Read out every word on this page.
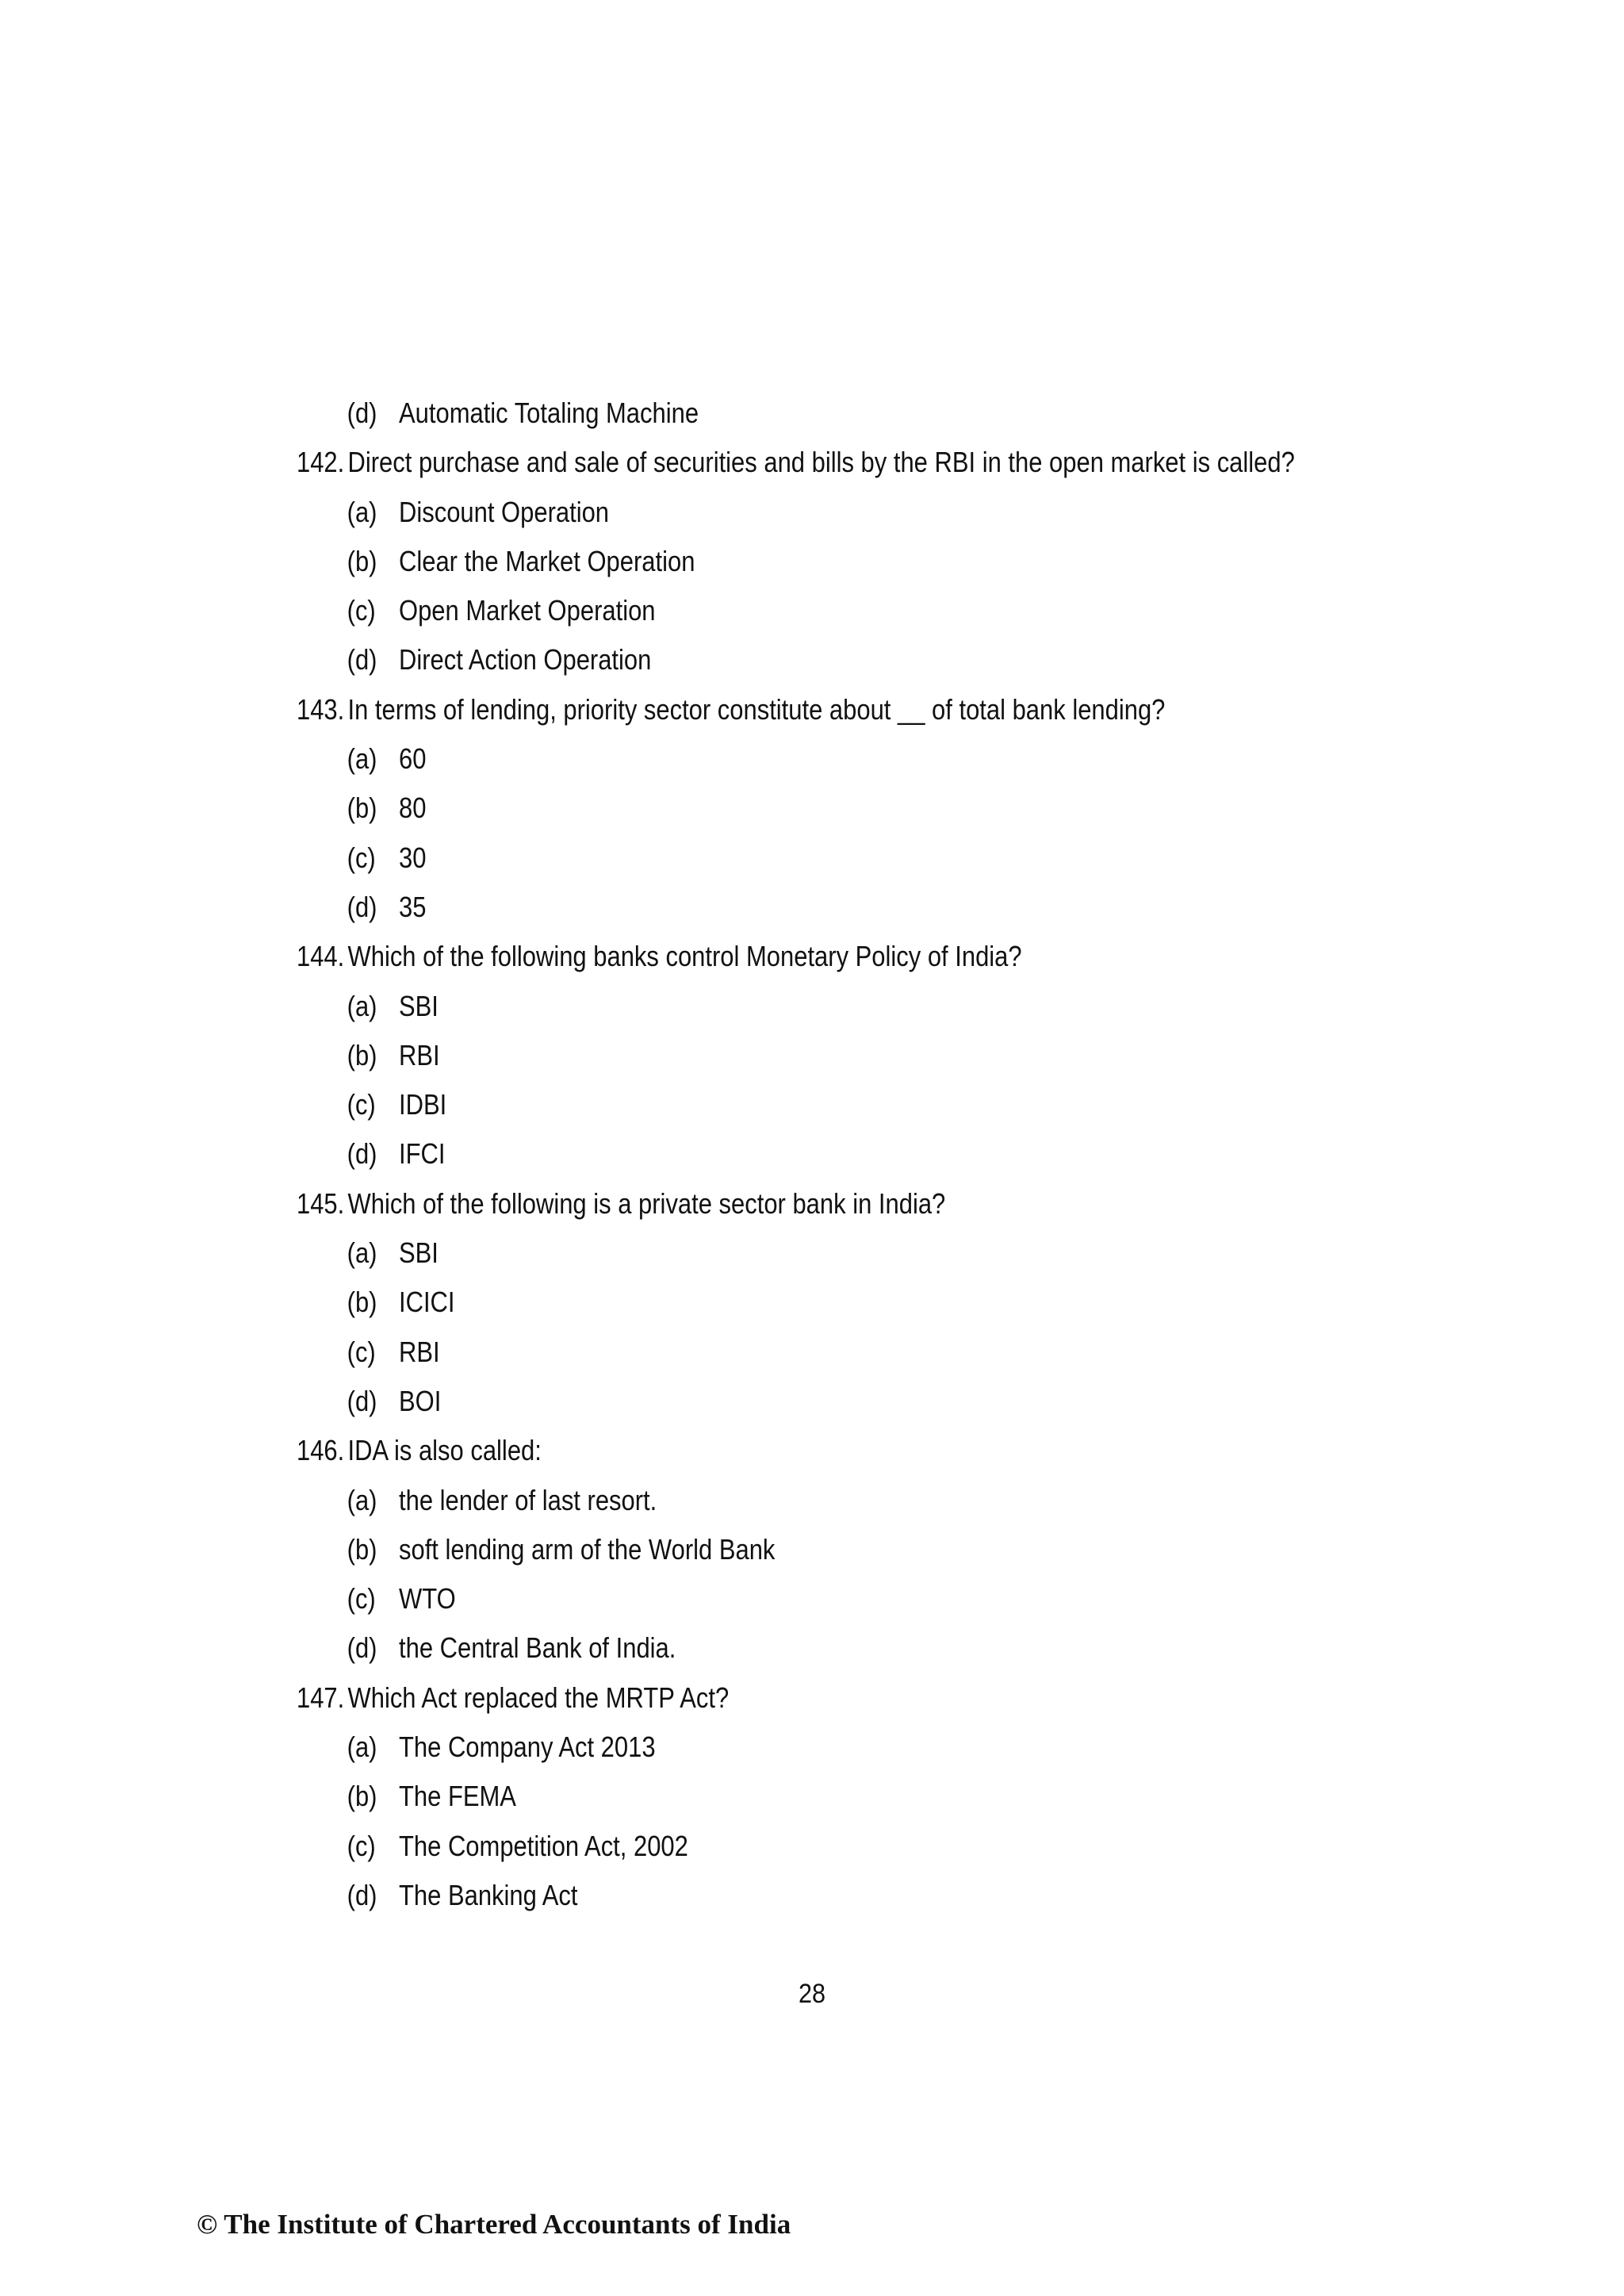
(d) Automatic Totaling Machine
142. Direct purchase and sale of securities and bills by the RBI in the open market is called?
(a) Discount Operation
(b) Clear the Market Operation
(c) Open Market Operation
(d) Direct Action Operation
143. In terms of lending, priority sector constitute about __ of total bank lending?
(a) 60
(b) 80
(c) 30
(d) 35
144. Which of the following banks control Monetary Policy of India?
(a) SBI
(b) RBI
(c) IDBI
(d) IFCI
145. Which of the following is a private sector bank in India?
(a) SBI
(b) ICICI
(c) RBI
(d) BOI
146. IDA is also called:
(a) the lender of last resort.
(b) soft lending arm of the World Bank
(c) WTO
(d) the Central Bank of India.
147. Which Act replaced the MRTP Act?
(a) The Company Act 2013
(b) The FEMA
(c) The Competition Act, 2002
(d) The Banking Act
28
© The Institute of Chartered Accountants of India
